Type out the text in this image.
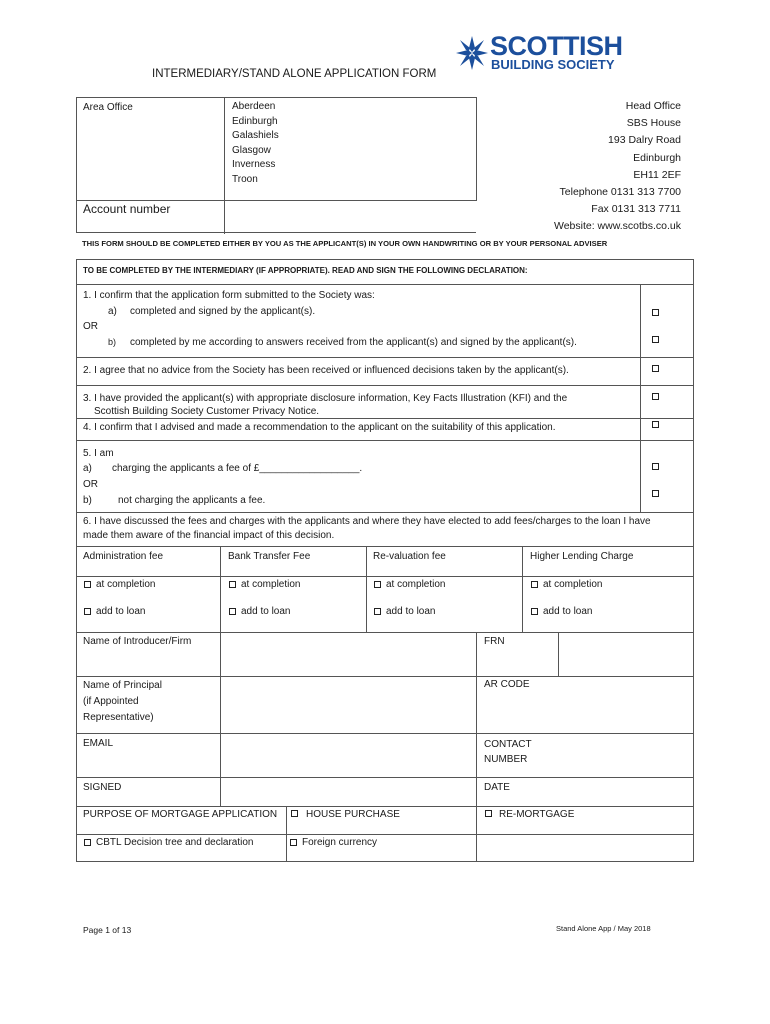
SCOTTISH
BUILDING SOCIETY
INTERMEDIARY/STAND ALONE APPLICATION FORM
Area Office	Aberdeen
Edinburgh
Galashiels
Glasgow
Inverness
Troon
Account number
Head Office
SBS House
193 Dalry Road
Edinburgh
EH11 2EF
Telephone 0131 313 7700
Fax 0131 313 7711
Website: www.scotbs.co.uk
THIS FORM SHOULD BE COMPLETED EITHER BY YOU AS THE APPLICANT(S) IN YOUR OWN HANDWRITING OR BY YOUR PERSONAL ADVISER
TO BE COMPLETED BY THE INTERMEDIARY (IF APPROPRIATE). READ AND SIGN THE FOLLOWING DECLARATION:
1. I confirm that the application form submitted to the Society was:
a) completed and signed by the applicant(s).
OR
b) completed by me according to answers received from the applicant(s) and signed by the applicant(s).
2. I agree that no advice from the Society has been received or influenced decisions taken by the applicant(s).
3. I have provided the applicant(s) with appropriate disclosure information, Key Facts Illustration (KFI) and the
Scottish Building Society Customer Privacy Notice.
4. I confirm that I advised and made a recommendation to the applicant on the suitability of this application.
5. I am
a) charging the applicants a fee of £__________________.
OR
b)	not charging the applicants a fee.
6. I have discussed the fees and charges with the applicants and where they have elected to add fees/charges to the loan I have
made them aware of the financial impact of this decision.
Administration fee	Bank Transfer Fee	Re-valuation fee	Higher Lending Charge
at completion	at completion	at completion	at completion
add to loan	add to loan	add to loan	add to loan
Name of Introducer/Firm	FRN
Name of Principal
(if Appointed
Representative)
AR CODE
EMAIL	CONTACT
NUMBER
SIGNED	DATE
PURPOSE OF MORTGAGE APPLICATION	HOUSE PURCHASE	RE-MORTGAGE
CBTL Decision tree and declaration	Foreign currency
Page 1 of 13	Stand Alone App / May 2018
